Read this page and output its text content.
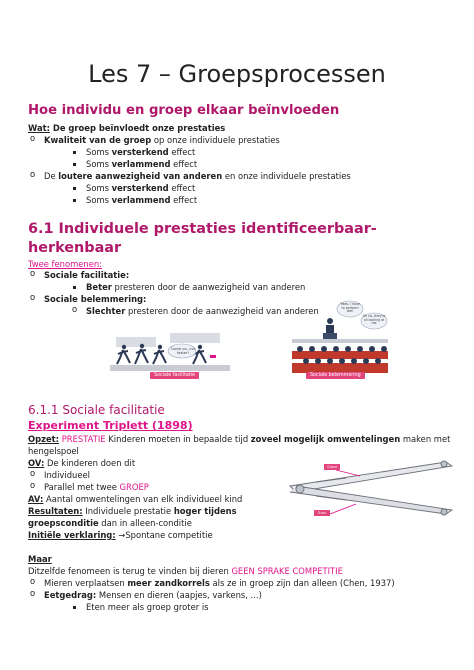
Les 7 – Groepsprocessen
Hoe individu en groep elkaar beïnvloeden
Wat: De groep beïnvloedt onze prestaties
o Kwaliteit van de groep op onze individuele prestaties
Soms versterkend effect
Soms verlammend effect
o De loutere aanwezigheid van anderen en onze individuele prestaties
Soms versterkend effect
Soms verlammend effect
6.1 Individuele prestaties identificeerbaar-
herkenbaar
Twee fenomenen:
o Sociale facilitatie:
Beter presteren door de aanwezigheid van anderen
o Sociale belemmering:
o Slechter presteren door de aanwezigheid van anderen
Come on, run faster!
Sociale facilitatie
Yikes, I have to perform well
Oh no, they're all looking at me
Sociale belemmering
6.1.1 Sociale facilitatie
Experiment Triplett (1898)
Opzet: PRESTATIE Kinderen moeten in bepaalde tijd zoveel mogelijk omwentelingen maken met
hengelspoel
OV: De kinderen doen dit
o Individueel
o Parallel met twee GROEP
AV: Aantal omwentelingen van elk individueel kind
Resultaten: Individuele prestatie hoger tijdens
groepsconditie dan in alleen-conditie
Initiële verklaring: →Spontane competitie
Guard
Track
Maar
Ditzelfde fenomeen is terug te vinden bij dieren GEEN SPRAKE COMPETITIE
o Mieren verplaatsen meer zandkorrels als ze in groep zijn dan alleen (Chen, 1937)
o Eetgedrag: Mensen en dieren (aapjes, varkens, ...)
Eten meer als groep groter is
